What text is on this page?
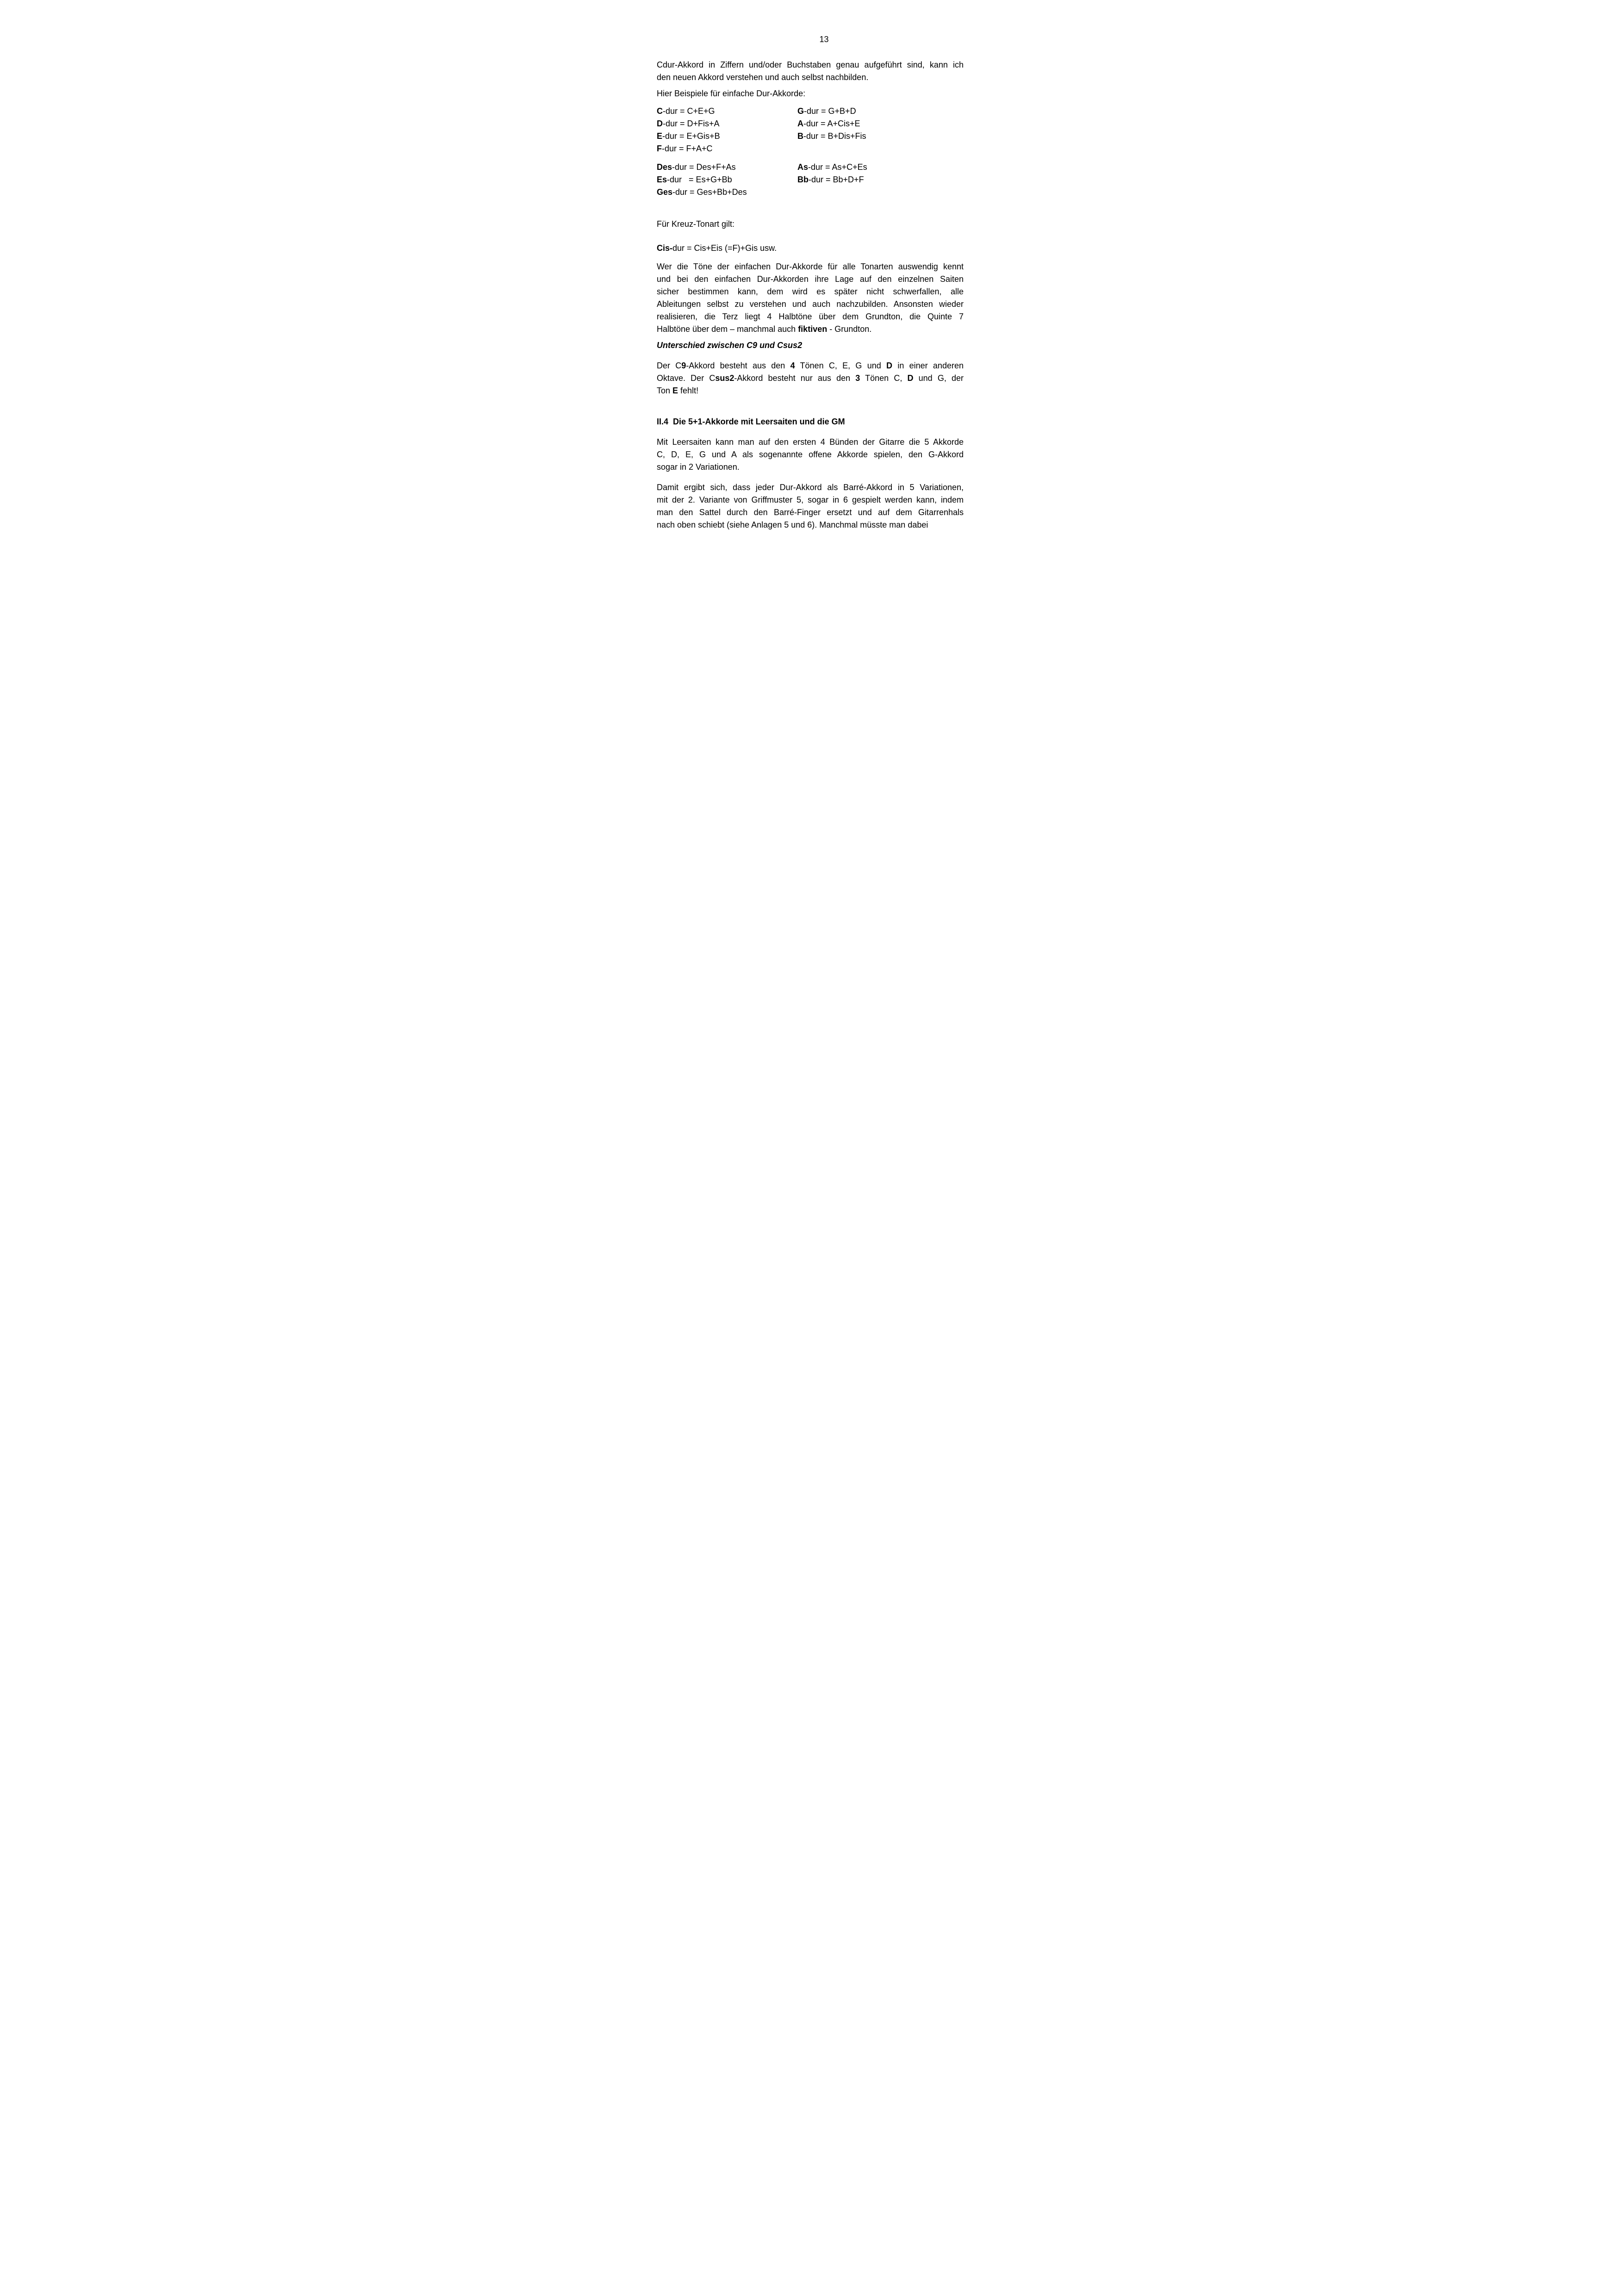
13
Cdur-Akkord in Ziffern und/oder Buchstaben genau aufgeführt sind, kann ich
den neuen Akkord verstehen und auch selbst nachbilden.
Hier Beispiele für einfache Dur-Akkorde:
C-dur = C+E+G	G-dur = G+B+D
D-dur = D+Fis+A	A-dur = A+Cis+E
E-dur = E+Gis+B	B-dur = B+Dis+Fis
F-dur = F+A+C
Des-dur = Des+F+As	As-dur = As+C+Es
Es-dur   = Es+G+Bb	Bb-dur = Bb+D+F
Ges-dur = Ges+Bb+Des
Für Kreuz-Tonart gilt:
Cis-dur = Cis+Eis (=F)+Gis usw.
Wer die Töne der einfachen Dur-Akkorde für alle Tonarten auswendig kennt
und bei den einfachen Dur-Akkorden ihre Lage auf den einzelnen Saiten
sicher bestimmen kann, dem wird es später nicht schwerfallen, alle
Ableitungen selbst zu verstehen und auch nachzubilden. Ansonsten wieder
realisieren, die Terz liegt 4 Halbtöne über dem Grundton, die Quinte 7
Halbtöne über dem – manchmal auch fiktiven - Grundton.
Unterschied zwischen C9 und Csus2
Der C9-Akkord besteht aus den 4 Tönen C, E, G und D in einer anderen
Oktave. Der Csus2-Akkord besteht nur aus den 3 Tönen C, D und G, der
Ton E fehlt!
II.4  Die 5+1-Akkorde mit Leersaiten und die GM
Mit Leersaiten kann man auf den ersten 4 Bünden der Gitarre die 5 Akkorde
C, D, E, G und A als sogenannte offene Akkorde spielen, den G-Akkord
sogar in 2 Variationen.
Damit ergibt sich, dass jeder Dur-Akkord als Barré-Akkord in 5 Variationen,
mit der 2. Variante von Griffmuster 5, sogar in 6 gespielt werden kann, indem
man den Sattel durch den Barré-Finger ersetzt und auf dem Gitarrenhals
nach oben schiebt (siehe Anlagen 5 und 6). Manchmal müsste man dabei
